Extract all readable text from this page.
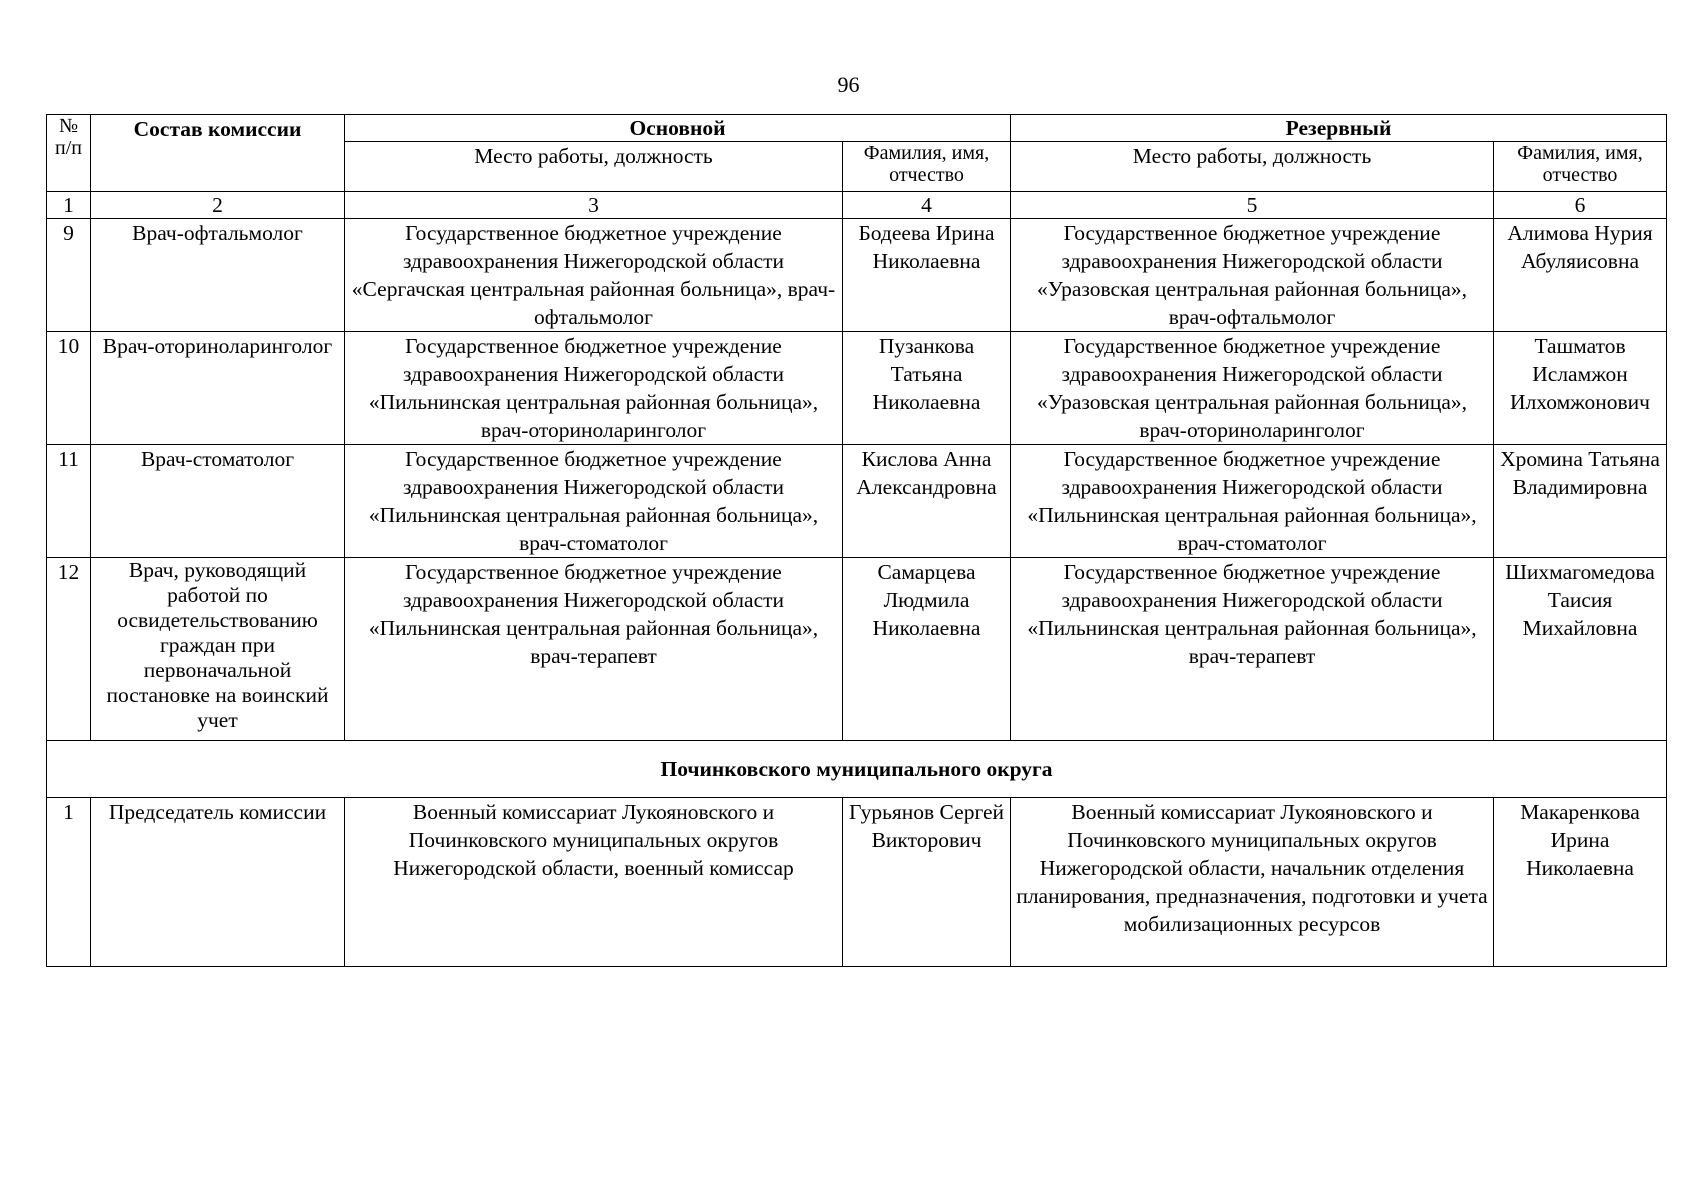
96
№ п/п	Состав комиссии	Основной		Резервный	
		Место работы, должность	Фамилия, имя, отчество	Место работы, должность	Фамилия, имя, отчество
1	2	3	4	5	6
9	Врач-офтальмолог	Государственное бюджетное учреждение здравоохранения Нижегородской области «Сергачская центральная районная больница», врач-офтальмолог	Бодеева Ирина Николаевна	Государственное бюджетное учреждение здравоохранения Нижегородской области «Уразовская центральная районная больница», врач-офтальмолог	Алимова Нурия Абуляисовна
10	Врач-оториноларинголог	Государственное бюджетное учреждение здравоохранения Нижегородской области «Пильнинская центральная районная больница», врач-оториноларинголог	Пузанкова Татьяна Николаевна	Государственное бюджетное учреждение здравоохранения Нижегородской области «Уразовская центральная районная больница», врач-оториноларинголог	Ташматов Исламжон Илхомжонович
11	Врач-стоматолог	Государственное бюджетное учреждение здравоохранения Нижегородской области «Пильнинская центральная районная больница», врач-стоматолог	Кислова Анна Александровна	Государственное бюджетное учреждение здравоохранения Нижегородской области «Пильнинская центральная районная больница», врач-стоматолог	Хромина Татьяна Владимировна
12	Врач, руководящий работой по освидетельствованию граждан при первоначальной постановке на воинский учет	Государственное бюджетное учреждение здравоохранения Нижегородской области «Пильнинская центральная районная больница», врач-терапевт	Самарцева Людмила Николаевна	Государственное бюджетное учреждение здравоохранения Нижегородской области «Пильнинская центральная районная больница», врач-терапевт	Шихмагомедова Таисия Михайловна
Починковского муниципального округа					
1	Председатель комиссии	Военный комиссариат Лукояновского и Починковского муниципальных округов Нижегородской области, военный комиссар	Гурьянов Сергей Викторович	Военный комиссариат Лукояновского и Починковского муниципальных округов Нижегородской области, начальник отделения планирования, предназначения, подготовки и учета мобилизационных ресурсов	Макаренкова Ирина Николаевна
